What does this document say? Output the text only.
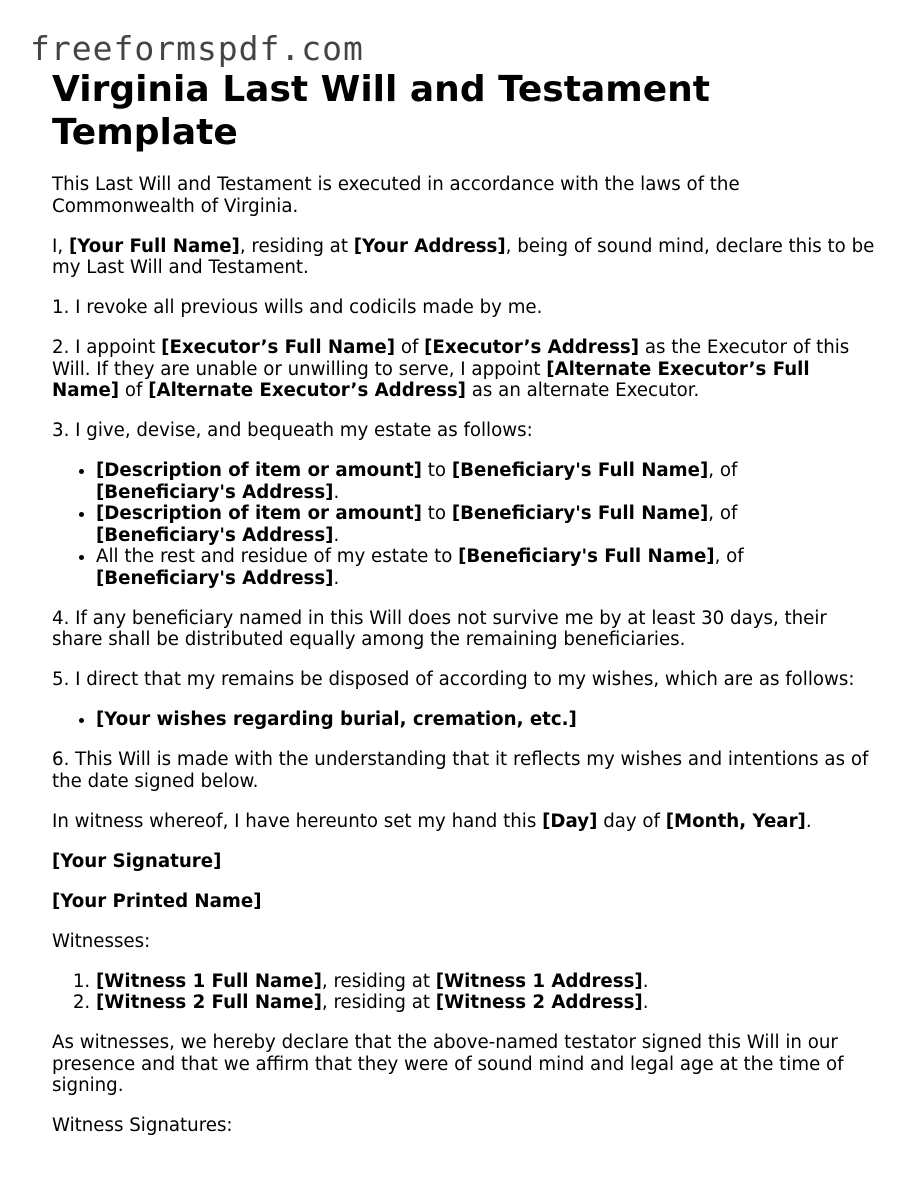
freeformspdf.com
Virginia Last Will and Testament Template

This Last Will and Testament is executed in accordance with the laws of the Commonwealth of Virginia.

I, [Your Full Name], residing at [Your Address], being of sound mind, declare this to be my Last Will and Testament.

1. I revoke all previous wills and codicils made by me.

2. I appoint [Executor’s Full Name] of [Executor’s Address] as the Executor of this Will. If they are unable or unwilling to serve, I appoint [Alternate Executor’s Full Name] of [Alternate Executor’s Address] as an alternate Executor.

3. I give, devise, and bequeath my estate as follows:

• [Description of item or amount] to [Beneficiary's Full Name], of [Beneficiary's Address].
• [Description of item or amount] to [Beneficiary's Full Name], of [Beneficiary's Address].
• All the rest and residue of my estate to [Beneficiary's Full Name], of [Beneficiary's Address].

4. If any beneficiary named in this Will does not survive me by at least 30 days, their share shall be distributed equally among the remaining beneficiaries.

5. I direct that my remains be disposed of according to my wishes, which are as follows:

• [Your wishes regarding burial, cremation, etc.]

6. This Will is made with the understanding that it reflects my wishes and intentions as of the date signed below.

In witness whereof, I have hereunto set my hand this [Day] day of [Month, Year].

[Your Signature]

[Your Printed Name]

Witnesses:

1. [Witness 1 Full Name], residing at [Witness 1 Address].
2. [Witness 2 Full Name], residing at [Witness 2 Address].

As witnesses, we hereby declare that the above-named testator signed this Will in our presence and that we affirm that they were of sound mind and legal age at the time of signing.

Witness Signatures:
